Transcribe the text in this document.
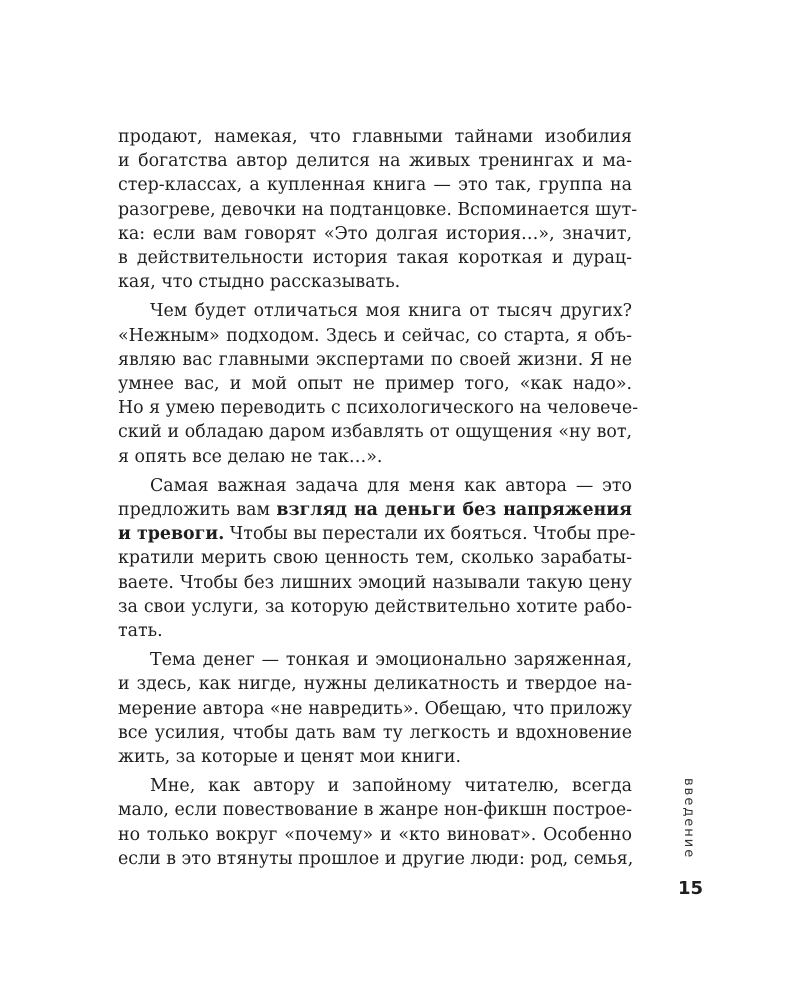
продают, намекая, что главными тайнами изобилия
и богатства автор делится на живых тренингах и ма-
стер-классах, а купленная книга — это так, группа на
разогреве, девочки на подтанцовке. Вспоминается шут-
ка: если вам говорят «Это долгая история…», значит,
в действительности история такая короткая и дурац-
кая, что стыдно рассказывать.
Чем будет отличаться моя книга от тысяч других?
«Нежным» подходом. Здесь и сейчас, со старта, я объ-
являю вас главными экспертами по своей жизни. Я не
умнее вас, и мой опыт не пример того, «как надо».
Но я умею переводить с психологического на человече-
ский и обладаю даром избавлять от ощущения «ну вот,
я опять все делаю не так…».
Самая важная задача для меня как автора — это
предложить вам взгляд на деньги без напряжения
и тревоги. Чтобы вы перестали их бояться. Чтобы пре-
кратили мерить свою ценность тем, сколько зарабаты-
ваете. Чтобы без лишних эмоций называли такую цену
за свои услуги, за которую действительно хотите рабо-
тать.
Тема денег — тонкая и эмоционально заряженная,
и здесь, как нигде, нужны деликатность и твердое на-
мерение автора «не навредить». Обещаю, что приложу
все усилия, чтобы дать вам ту легкость и вдохновение
жить, за которые и ценят мои книги.
Мне, как автору и запойному читателю, всегда
мало, если повествование в жанре нон-фикшн построе-
но только вокруг «почему» и «кто виноват». Особенно
если в это втянуты прошлое и другие люди: род, семья,	введение
15
